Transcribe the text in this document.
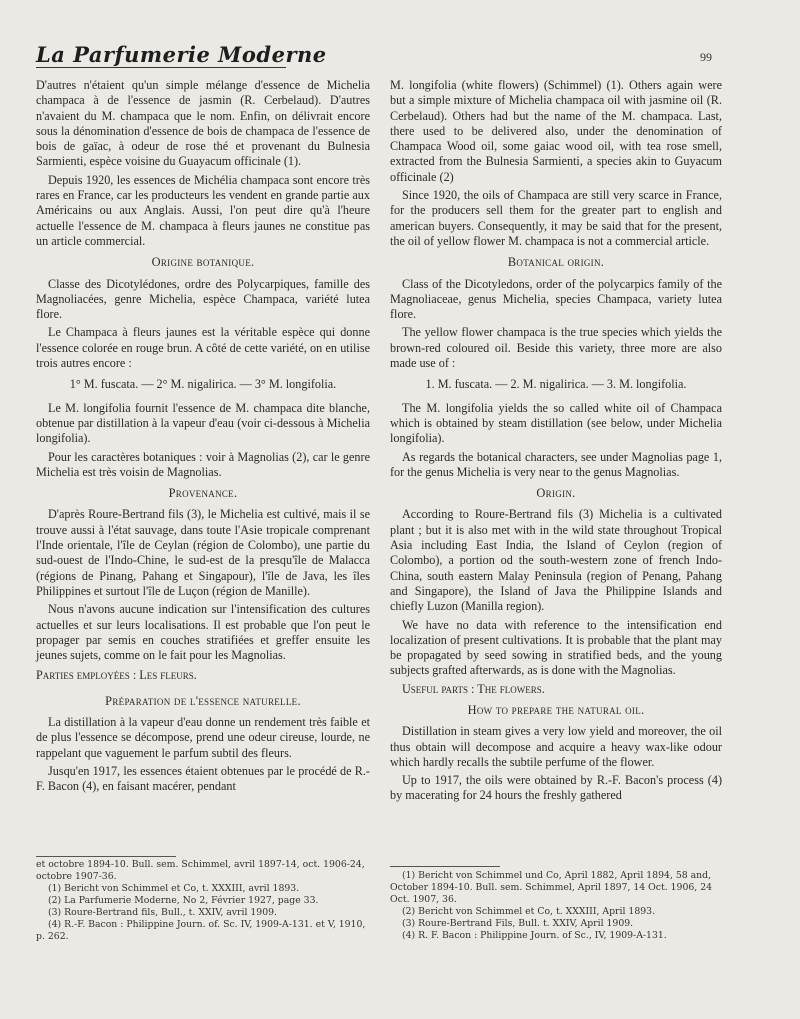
La Parfumerie Moderne	99

D'autres n'étaient qu'un simple mélange d'essence de Michelia champaca à de l'essence de jasmin (R. Cerbelaud). D'autres n'avaient du M. champaca que le nom. Enfin, on délivrait encore sous la dénomination d'essence de bois de champaca de l'essence de bois de gaïac, à odeur de rose thé et provenant du Bulnesia Sarmienti, espèce voisine du Guayacum officinale (1).

Depuis 1920, les essences de Michélia champaca sont encore très rares en France, car les producteurs les vendent en grande partie aux Américains ou aux Anglais. Aussi, l'on peut dire qu'à l'heure actuelle l'essence de M. champaca à fleurs jaunes ne constitue pas un article commercial.

Origine botanique.

Classe des Dicotylédones, ordre des Polycarpiques, famille des Magnoliacées, genre Michelia, espèce Champaca, variété lutea flore.

Le Champaca à fleurs jaunes est la véritable espèce qui donne l'essence colorée en rouge brun. A côté de cette variété, on en utilise trois autres encore :

1° M. fuscata. — 2° M. nigalirica. — 3° M. longifolia.

Le M. longifolia fournit l'essence de M. champaca dite blanche, obtenue par distillation à la vapeur d'eau (voir ci-dessous à Michelia longifolia).

Pour les caractères botaniques : voir à Magnolias (2), car le genre Michelia est très voisin de Magnolias.

Provenance.

D'après Roure-Bertrand fils (3), le Michelia est cultivé, mais il se trouve aussi à l'état sauvage, dans toute l'Asie tropicale comprenant l'Inde orientale, l'île de Ceylan (région de Colombo), une partie du sud-ouest de l'Indo-Chine, le sud-est de la presqu'île de Malacca (régions de Pinang, Pahang et Singapour), l'île de Java, les îles Philippines et surtout l'île de Luçon (région de Manille).

Nous n'avons aucune indication sur l'intensification des cultures actuelles et sur leurs localisations. Il est probable que l'on peut le propager par semis en couches stratifiées et greffer ensuite les jeunes sujets, comme on le fait pour les Magnolias.

Parties employées : Les fleurs.

Préparation de l'essence naturelle.

La distillation à la vapeur d'eau donne un rendement très faible et de plus l'essence se décompose, prend une odeur cireuse, lourde, ne rappelant que vaguement le parfum subtil des fleurs.

Jusqu'en 1917, les essences étaient obtenues par le procédé de R.-F. Bacon (4), en faisant macérer, pendant

M. longifolia (white flowers) (Schimmel) (1). Others again were but a simple mixture of Michelia champaca oil with jasmine oil (R. Cerbelaud). Others had but the name of the M. champaca. Last, there used to be delivered also, under the denomination of Champaca Wood oil, some gaiac wood oil, with tea rose smell, extracted from the Bulnesia Sarmienti, a species akin to Guyacum officinale (2)

Since 1920, the oils of Champaca are still very scarce in France, for the producers sell them for the greater part to english and american buyers. Consequently, it may be said that for the present, the oil of yellow flower M. champaca is not a commercial article.

Botanical origin.

Class of the Dicotyledons, order of the polycarpics family of the Magnoliaceae, genus Michelia, species Champaca, variety lutea flore.

The yellow flower champaca is the true species which yields the brown-red coloured oil. Beside this variety, three more are also made use of :

1. M. fuscata. — 2. M. nigalirica. — 3. M. longifolia.

The M. longifolia yields the so called white oil of Champaca which is obtained by steam distillation (see below, under Michelia longifolia).

As regards the botanical characters, see under Magnolias page 1, for the genus Michelia is very near to the genus Magnolias.

Origin.

According to Roure-Bertrand fils (3) Michelia is a cultivated plant ; but it is also met with in the wild state throughout Tropical Asia including East India, the Island of Ceylon (region of Colombo), a portion od the south-western zone of french Indo-China, south eastern Malay Peninsula (region of Penang, Pahang and Singapore), the Island of Java the Philippine Islands and chiefly Luzon (Manilla region).

We have no data with reference to the intensification end localization of present cultivations. It is probable that the plant may be propagated by seed sowing in stratified beds, and the young subjects grafted afterwards, as is done with the Magnolias.

Useful parts : The flowers.

How to prepare the natural oil.

Distillation in steam gives a very low yield and moreover, the oil thus obtain will decompose and acquire a heavy wax-like odour which hardly recalls the subtile perfume of the flower.

Up to 1917, the oils were obtained by R.-F. Bacon's process (4) by macerating for 24 hours the freshly gathered

et octobre 1894-10. Bull. sem. Schimmel, avril 1897-14, oct. 1906-24, octobre 1907-36.
(1) Bericht von Schimmel et Co, t. XXXIII, avril 1893.
(2) La Parfumerie Moderne, No 2, Février 1927, page 33.
(3) Roure-Bertrand fils, Bull., t. XXIV, avril 1909.
(4) R.-F. Bacon : Philippine Journ. of. Sc. IV, 1909-A-131. et V, 1910, p. 262.
(1) Bericht von Schimmel und Co, April 1882, April 1894, 58 and, October 1894-10. Bull. sem. Schimmel, April 1897, 14 Oct. 1906, 24 Oct. 1907, 36.
(2) Bericht von Schimmel et Co, t. XXXIII, April 1893.
(3) Roure-Bertrand Fils, Bull. t. XXIV, April 1909.
(4) R. F. Bacon : Philippine Journ. of Sc., IV, 1909-A-131.
